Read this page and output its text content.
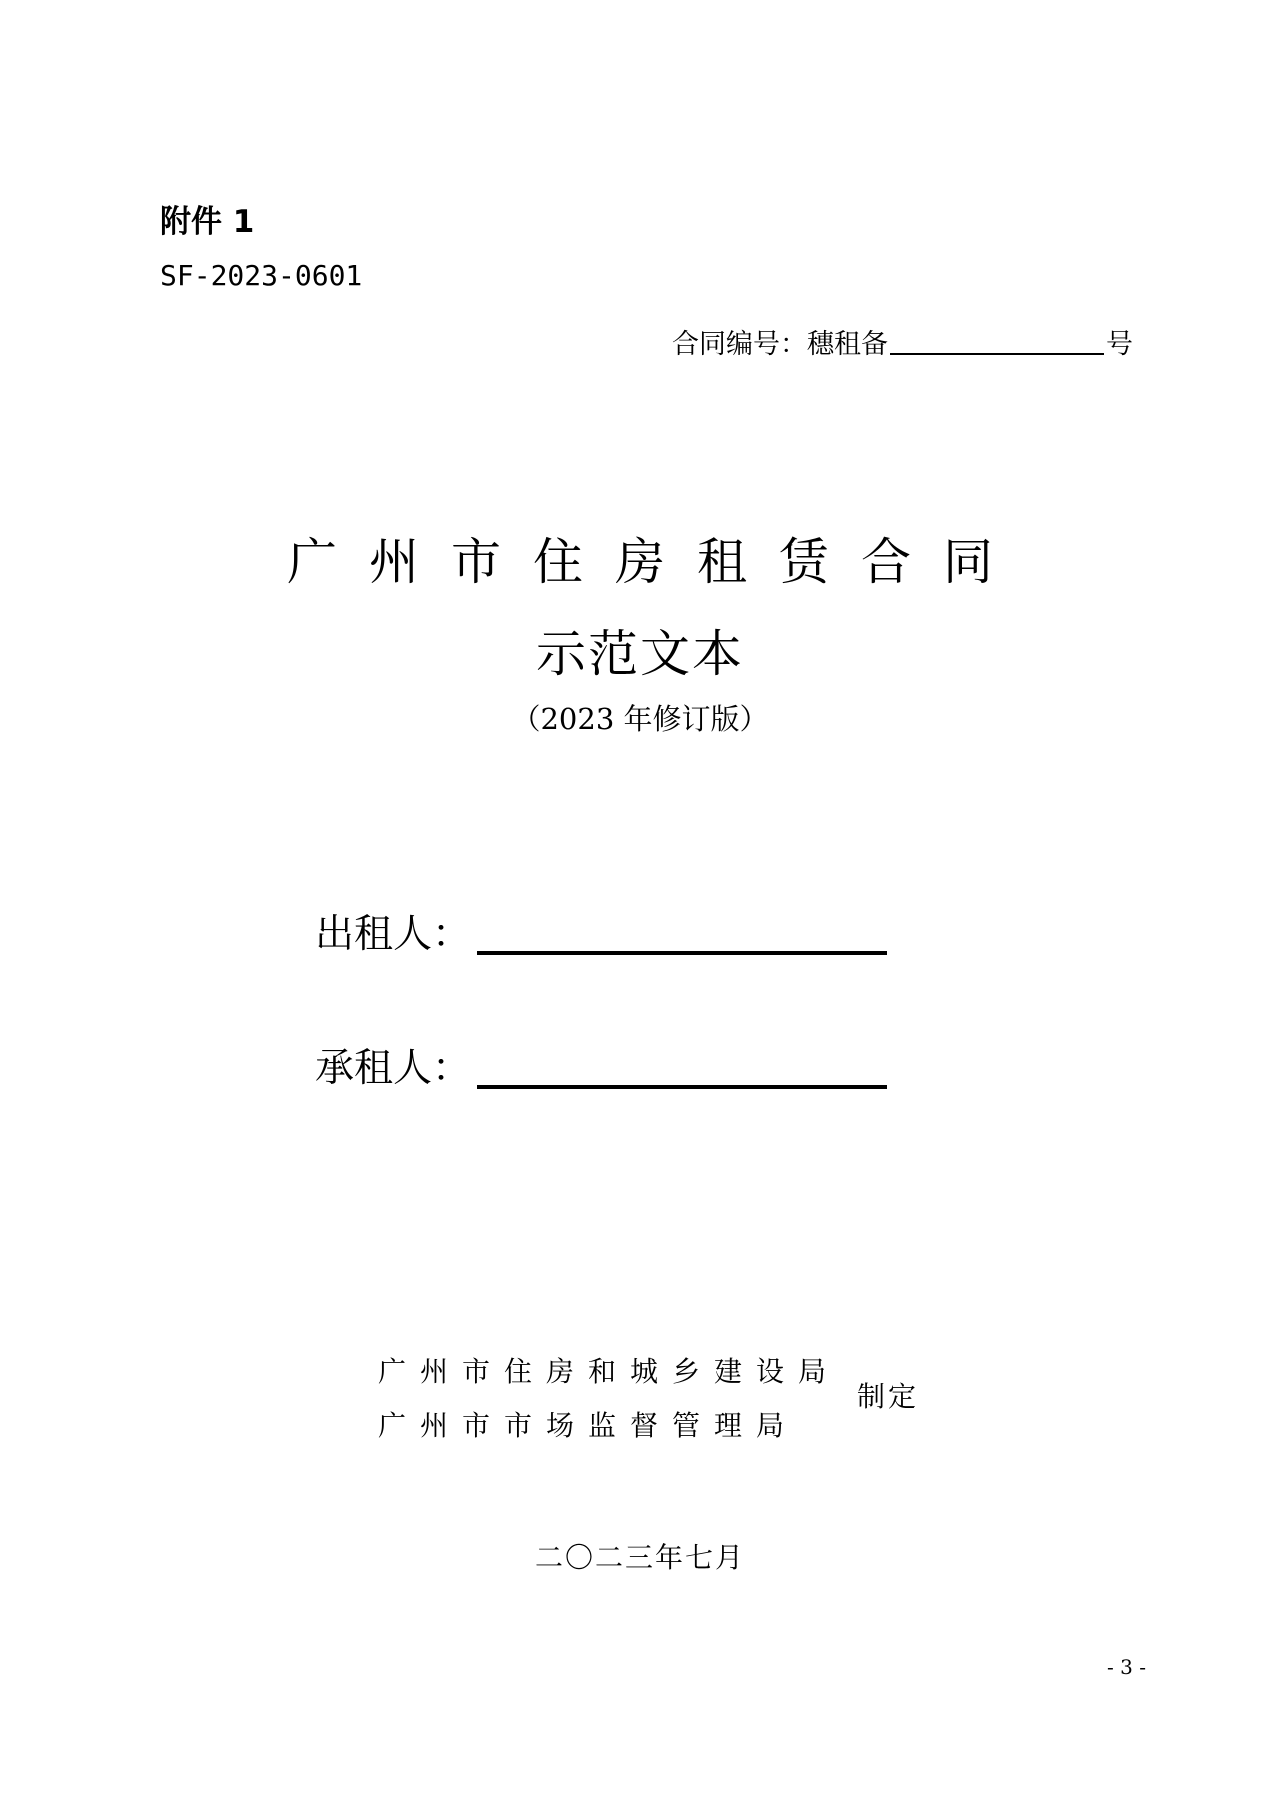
附件 1
SF-2023-0601
合同编号：穗租备	号
广州市住房租赁合同
示范文本
（2023 年修订版）
出租人：
承租人：
广州市住房和城乡建设局
广州市市场监督管理局
制定
二〇二三年七月
- 3 -
